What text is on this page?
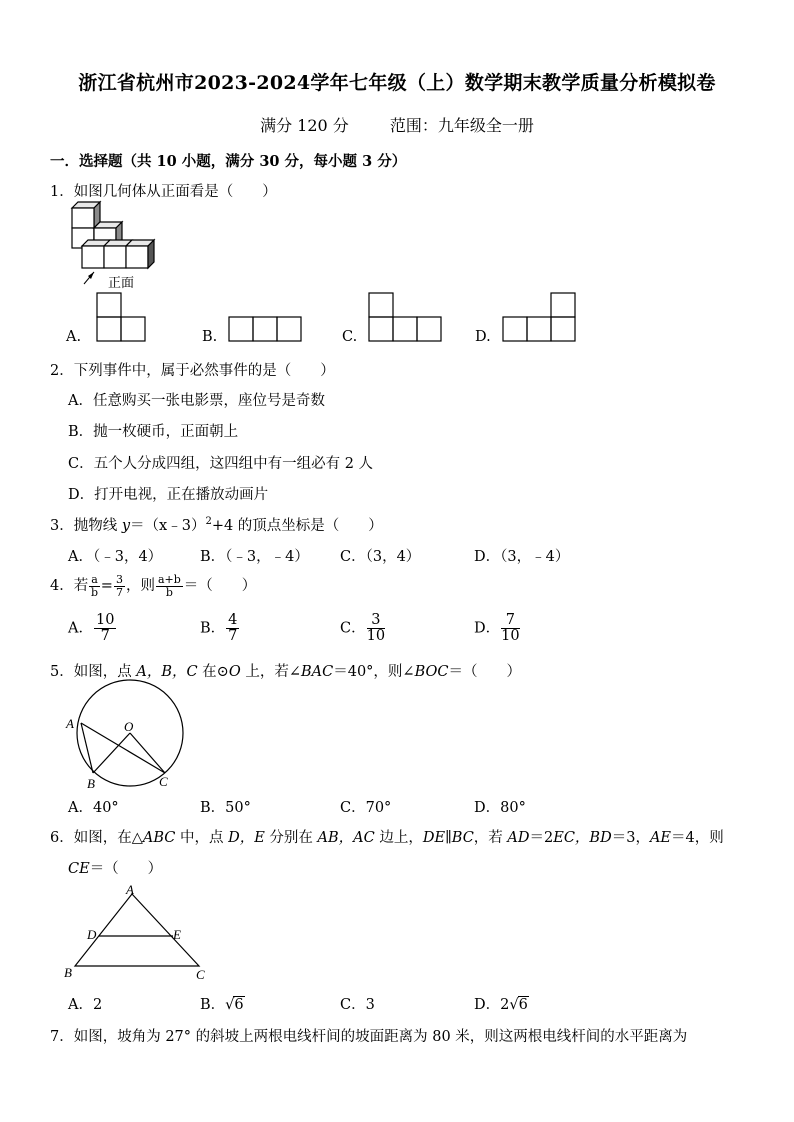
浙江省杭州市2023-2024学年七年级（上）数学期末教学质量分析模拟卷
满分 120 分	范围：九年级全一册
一．选择题（共 10 小题，满分 30 分，每小题 3 分）
1．如图几何体从正面看是（　　）
正面
A.	B.	C.	D.
2．下列事件中，属于必然事件的是（　　）
A．任意购买一张电影票，座位号是奇数
B．抛一枚硬币，正面朝上
C．五个人分成四组，这四组中有一组必有 2 人
D．打开电视，正在播放动画片
3．抛物线 y＝（x﹣3）$^2$+4 的顶点坐标是（　　）
A．（﹣3，4）	B．（﹣3，﹣4） C．（3，4）	D．（3，﹣4）
4．若 $\frac{a}{b} = \frac{3}{7}$ ，则 $\frac{a+b}{b}$ ＝（　　）
A． $\frac{10}{7}$	B． $\frac{4}{7}$	C． $\frac{3}{10}$	D． $\frac{7}{10}$
5．如图，点 A，B，C 在⊙O 上，若∠BAC＝40°，则∠BOC＝（　　）
A	O
B	C
A．40°	B．50°	C．70°	D．80°
6．如图，在△ABC 中，点 D，E 分别在 AB，AC 边上，DE∥BC，若 AD＝2EC，BD＝3，AE＝4，则
CE＝（　　）
A
D	E
B	C
A．2	B．√6	C．3	D．2√6
7．如图，坡角为 27° 的斜坡上两根电线杆间的坡面距离为 80 米，则这两根电线杆间的水平距离为
